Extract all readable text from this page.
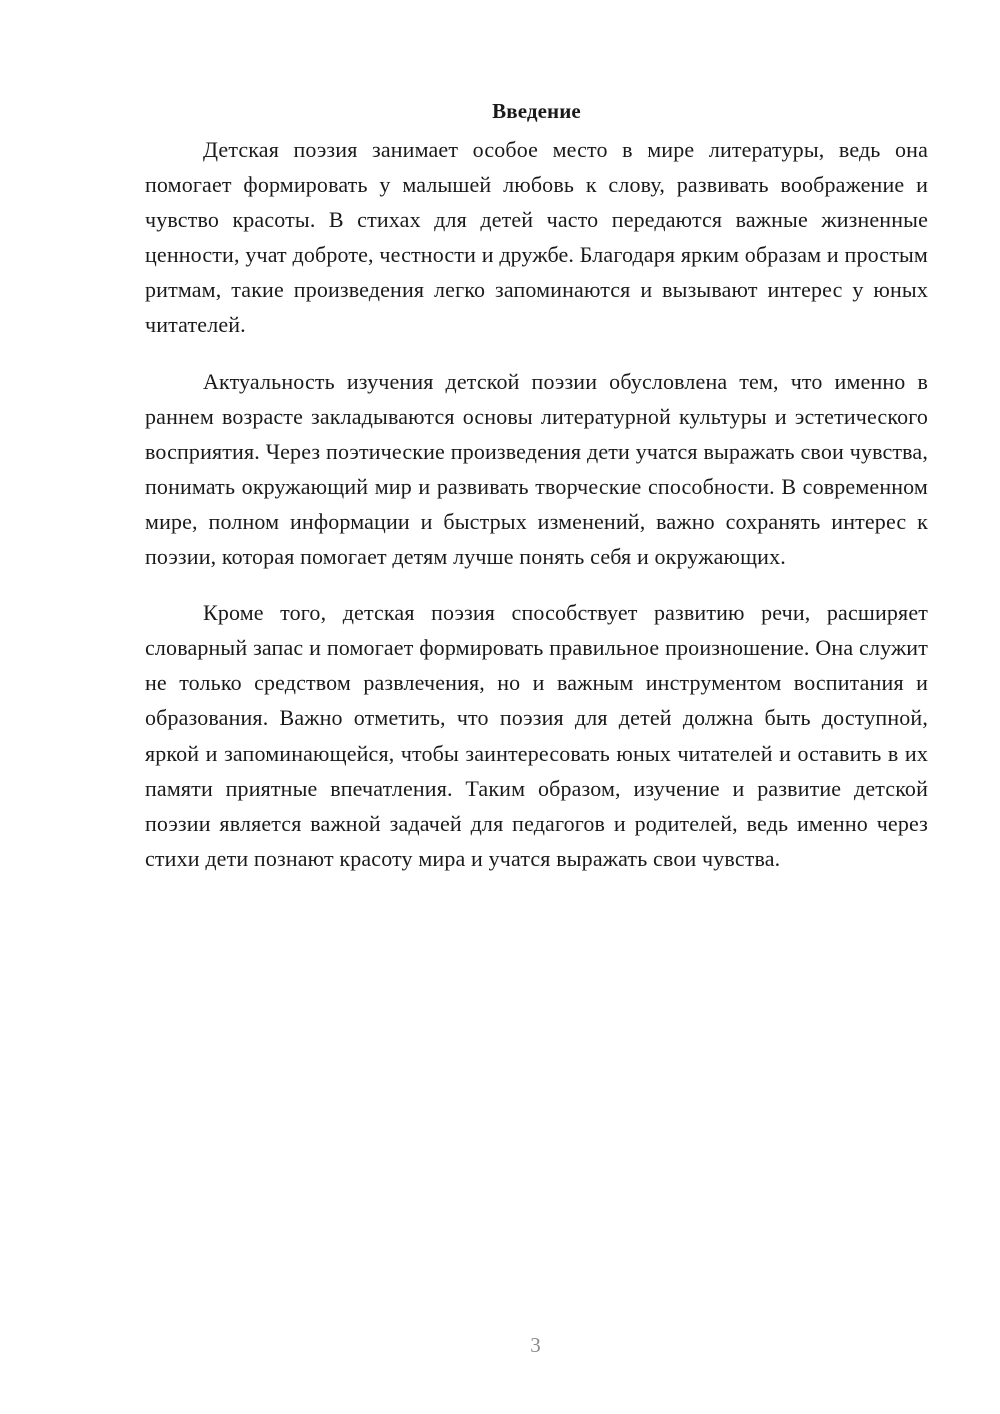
Введение

Детская поэзия занимает особое место в мире литературы, ведь она помогает формировать у малышей любовь к слову, развивать воображение и чувство красоты. В стихах для детей часто передаются важные жизненные ценности, учат доброте, честности и дружбе. Благодаря ярким образам и простым ритмам, такие произведения легко запоминаются и вызывают интерес у юных читателей.

Актуальность изучения детской поэзии обусловлена тем, что именно в раннем возрасте закладываются основы литературной культуры и эстетического восприятия. Через поэтические произведения дети учатся выражать свои чувства, понимать окружающий мир и развивать творческие способности. В современном мире, полном информации и быстрых изменений, важно сохранять интерес к поэзии, которая помогает детям лучше понять себя и окружающих.

Кроме того, детская поэзия способствует развитию речи, расширяет словарный запас и помогает формировать правильное произношение. Она служит не только средством развлечения, но и важным инструментом воспитания и образования. Важно отметить, что поэзия для детей должна быть доступной, яркой и запоминающейся, чтобы заинтересовать юных читателей и оставить в их памяти приятные впечатления. Таким образом, изучение и развитие детской поэзии является важной задачей для педагогов и родителей, ведь именно через стихи дети познают красоту мира и учатся выражать свои чувства.

3
